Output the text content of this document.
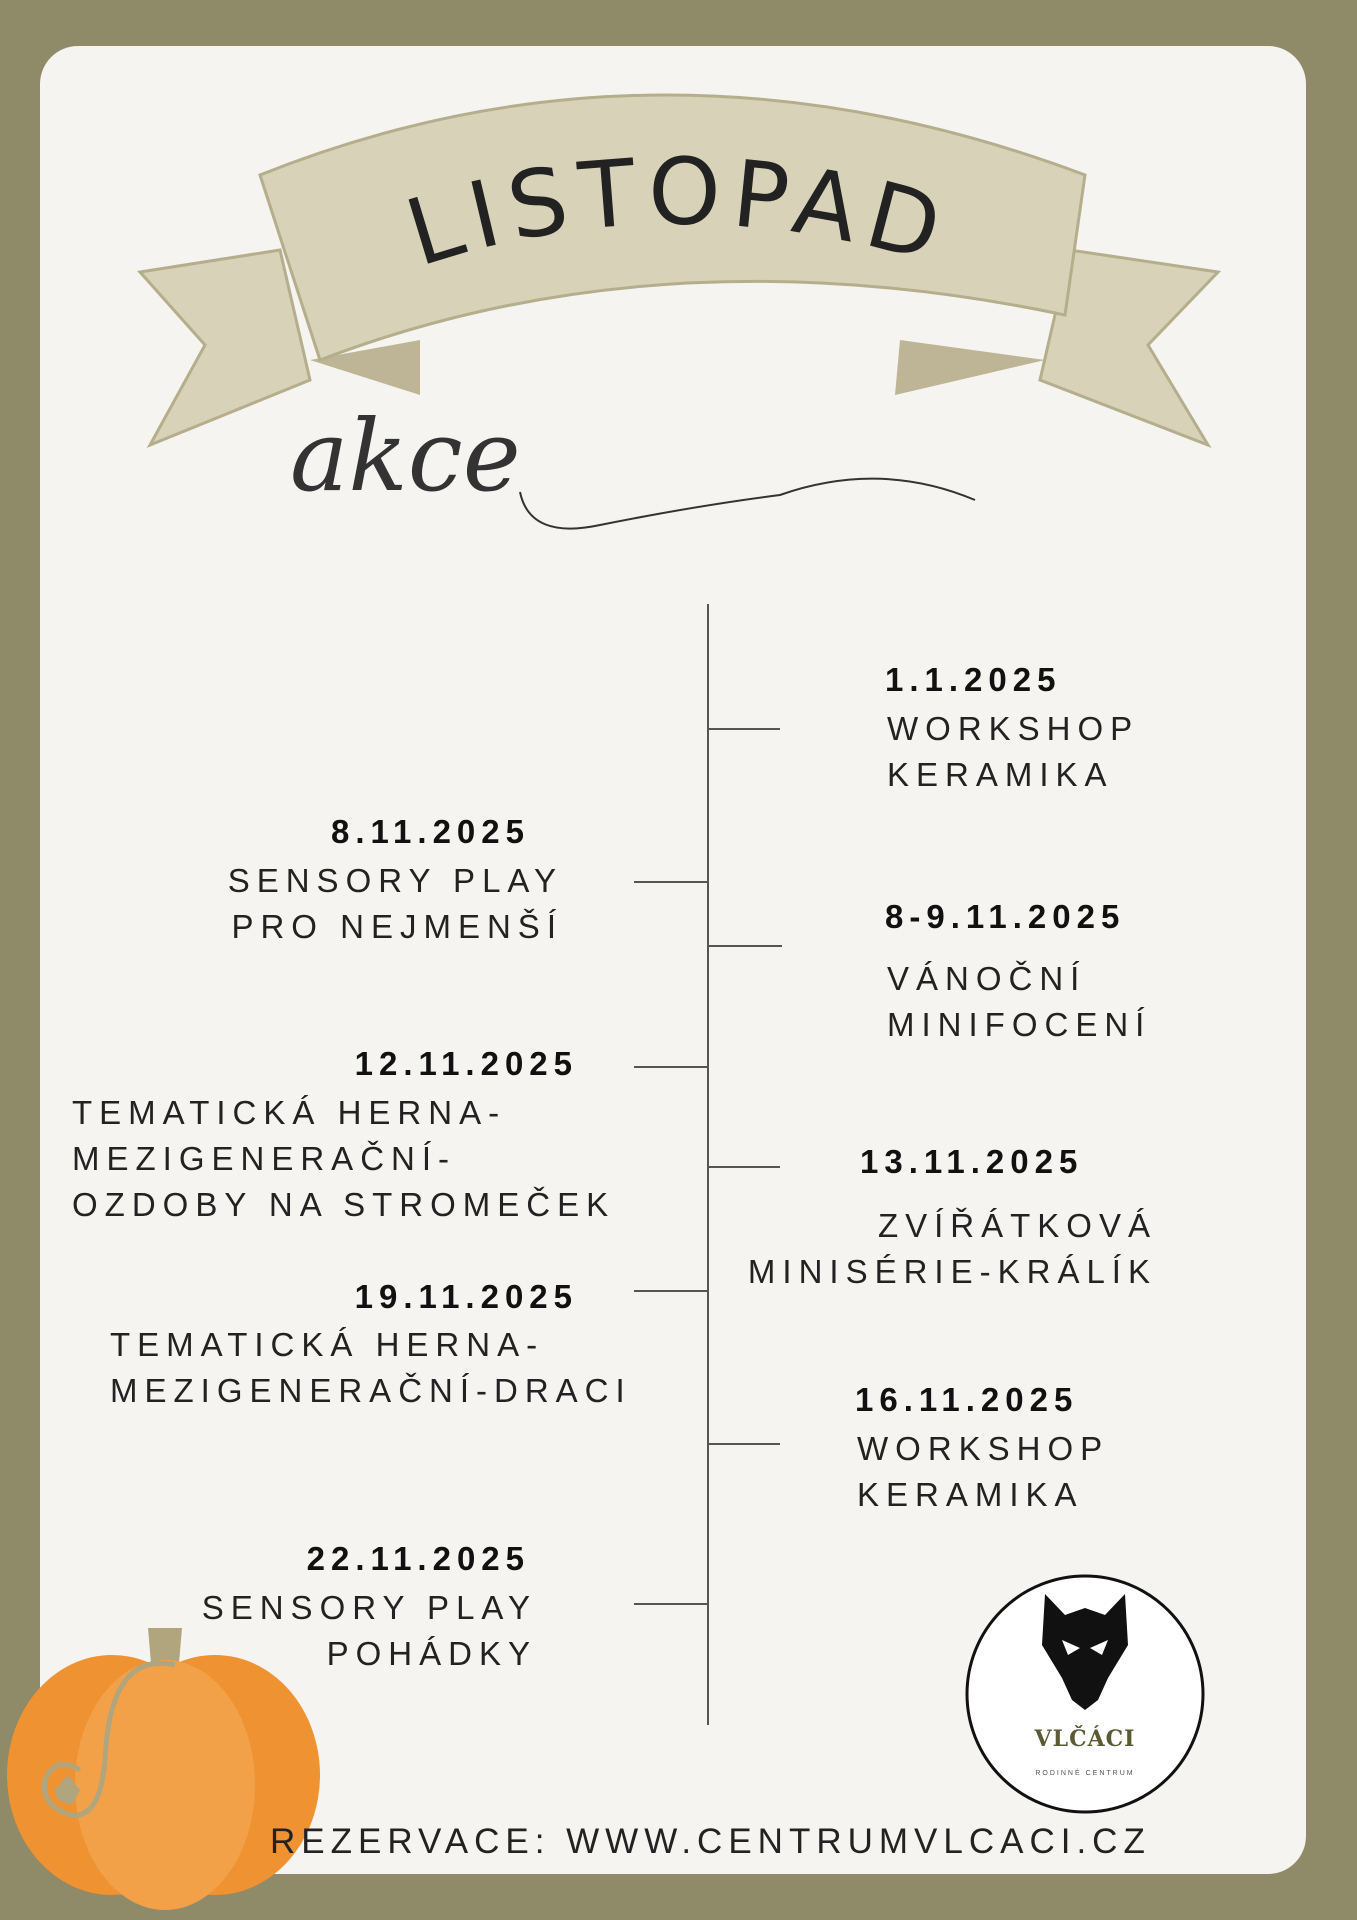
LISTOPAD
akce
1.1.2025
WORKSHOP
KERAMIKA
8-9.11.2025
VÁNOČNÍ
MINIFOCENÍ
13.11.2025
ZVÍŘÁTKOVÁ
MINISÉRIE-KRÁLÍK
16.11.2025
WORKSHOP
KERAMIKA
8.11.2025
SENSORY PLAY
PRO NEJMENŠÍ
12.11.2025
TEMATICKÁ HERNA-
MEZIGENERAČNÍ-
OZDOBY NA STROMEČEK
19.11.2025
TEMATICKÁ HERNA-
MEZIGENERAČNÍ-DRACI
22.11.2025
SENSORY PLAY
POHÁDKY
VLČÁCI
RODINNÉ CENTRUM
REZERVACE: WWW.CENTRUMVLCACI.CZ
